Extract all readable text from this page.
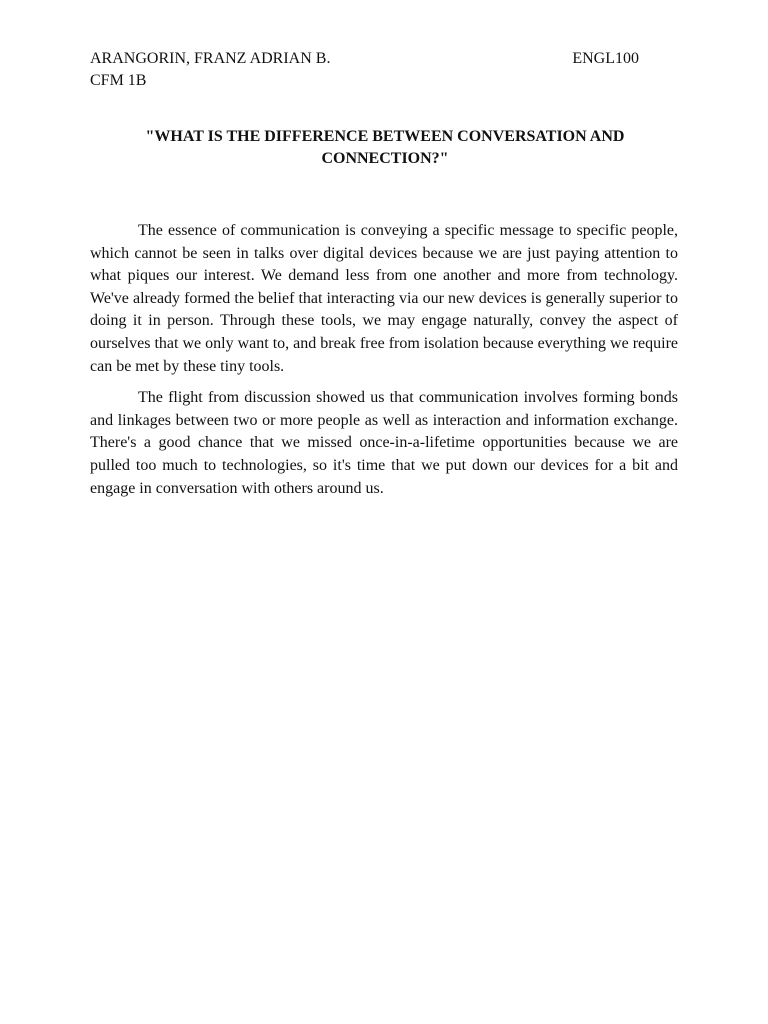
ARANGORIN, FRANZ ADRIAN B.	ENGL100
CFM 1B
"WHAT IS THE DIFFERENCE BETWEEN CONVERSATION AND CONNECTION?"

The essence of communication is conveying a specific message to specific people, which cannot be seen in talks over digital devices because we are just paying attention to what piques our interest. We demand less from one another and more from technology. We've already formed the belief that interacting via our new devices is generally superior to doing it in person. Through these tools, we may engage naturally, convey the aspect of ourselves that we only want to, and break free from isolation because everything we require can be met by these tiny tools.

The flight from discussion showed us that communication involves forming bonds and linkages between two or more people as well as interaction and information exchange. There's a good chance that we missed once-in-a-lifetime opportunities because we are pulled too much to technologies, so it's time that we put down our devices for a bit and engage in conversation with others around us.
